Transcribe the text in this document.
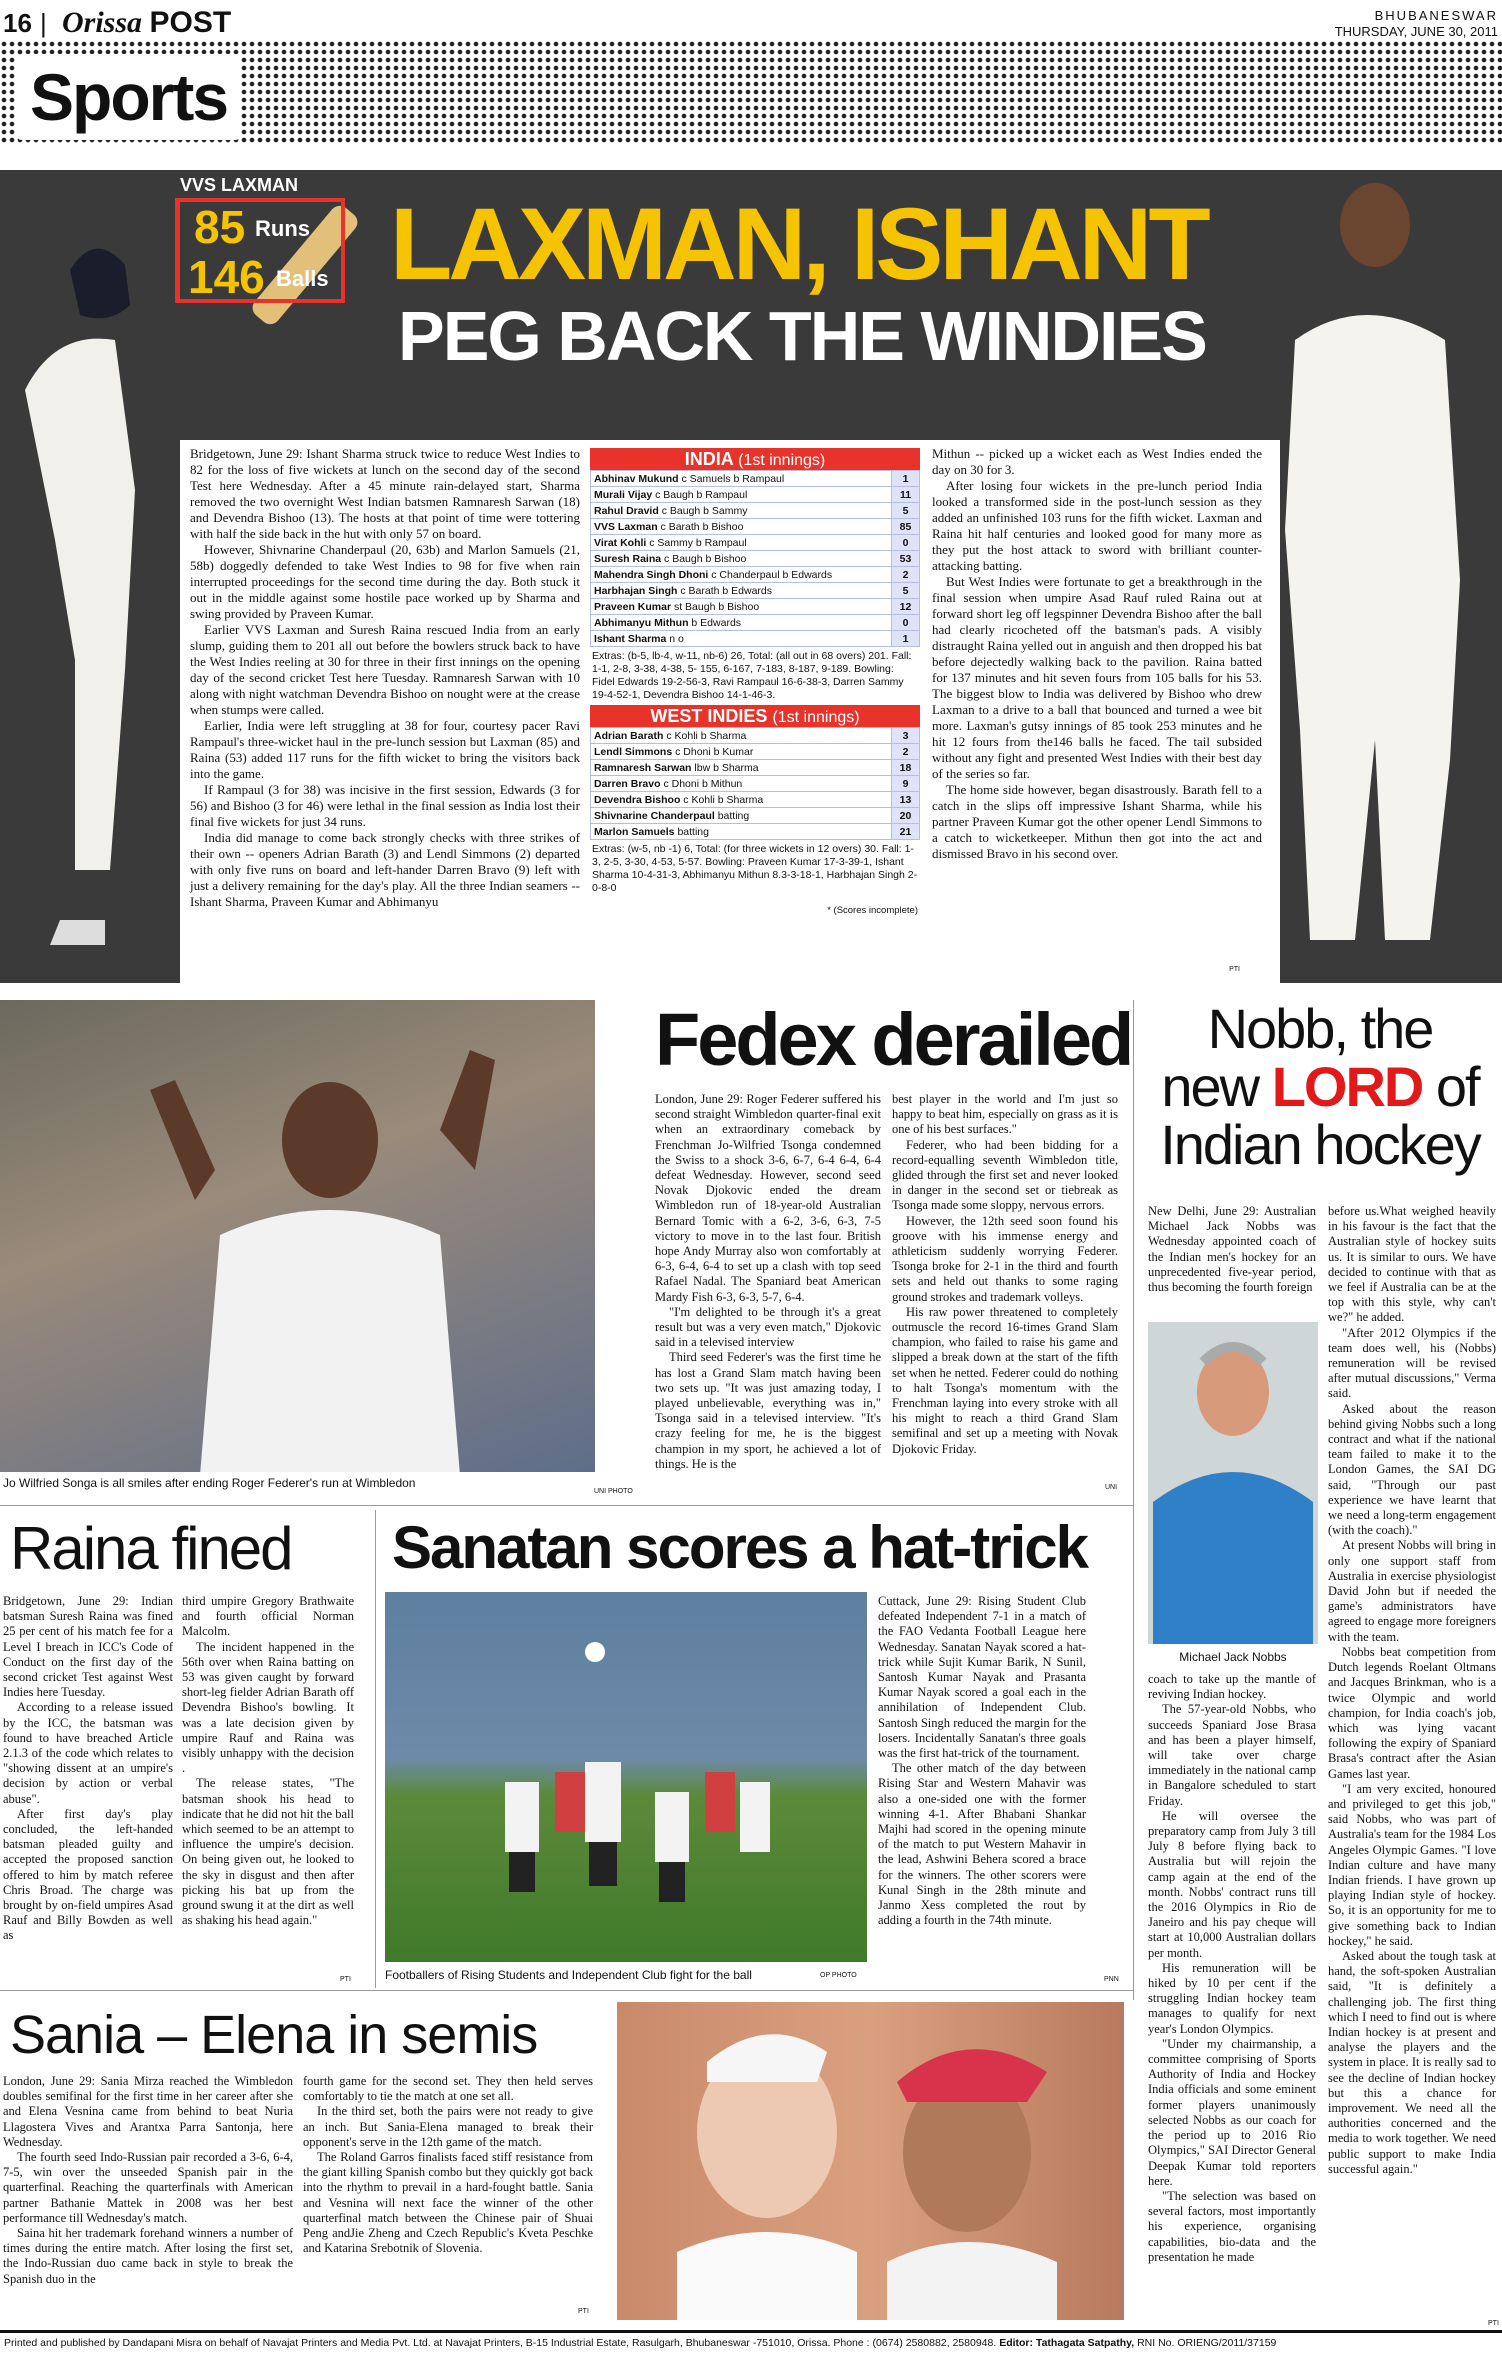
16 | Orissa POST	BHUBANESWAR
THURSDAY, JUNE 30, 2011
Sports
VVS LAXMAN
85 Runs
146 Balls LAXMAN, ISHANT
PEG BACK THE WINDIES

Bridgetown, June 29: Ishant Sharma struck twice to reduce West Indies to 82 for the loss of five wickets at lunch on the second day of the second Test here Wednesday. After a 45 minute rain-delayed start, Sharma removed the two overnight West Indian batsmen Ramnaresh Sarwan (18) and Devendra Bishoo (13). The hosts at that point of time were tottering with half the side back in the hut with only 57 on board.

However, Shivnarine Chanderpaul (20, 63b) and Marlon Samuels (21, 58b) doggedly defended to take West Indies to 98 for five when rain interrupted proceedings for the second time during the day. Both stuck it out in the middle against some hostile pace worked up by Sharma and swing provided by Praveen Kumar.

Earlier VVS Laxman and Suresh Raina rescued India from an early slump, guiding them to 201 all out before the bowlers struck back to have the West Indies reeling at 30 for three in their first innings on the opening day of the second cricket Test here Tuesday. Ramnaresh Sarwan with 10 along with night watchman Devendra Bishoo on nought were at the crease when stumps were called.

Earlier, India were left struggling at 38 for four, courtesy pacer Ravi Rampaul's three-wicket haul in the pre-lunch session but Laxman (85) and Raina (53) added 117 runs for the fifth wicket to bring the visitors back into the game.

If Rampaul (3 for 38) was incisive in the first session, Edwards (3 for 56) and Bishoo (3 for 46) were lethal in the final session as India lost their final five wickets for just 34 runs.

India did manage to come back strongly checks with three strikes of their own -- openers Adrian Barath (3) and Lendl Simmons (2) departed with only five runs on board and left-hander Darren Bravo (9) left with just a delivery remaining for the day's play. All the three Indian seamers -- Ishant Sharma, Praveen Kumar and Abhimanyu

INDIA (1st innings)
Abhinav Mukund c Samuels b Rampaul	1
Murali Vijay c Baugh b Rampaul	11
Rahul Dravid c Baugh b Sammy	5
VVS Laxman c Barath b Bishoo	85
Virat Kohli c Sammy b Rampaul	0
Suresh Raina c Baugh b Bishoo	53
Mahendra Singh Dhoni c Chanderpaul b Edwards	2
Harbhajan Singh c Barath b Edwards	5
Praveen Kumar st Baugh b Bishoo	12
Abhimanyu Mithun b Edwards	0
Ishant Sharma n o	1
Extras: (b-5, lb-4, w-11, nb-6) 26, Total: (all out in 68 overs) 201. Fall: 1-1, 2-8, 3-38, 4-38, 5- 155, 6-167, 7-183, 8-187, 9-189. Bowling: Fidel Edwards 19-2-56-3, Ravi Rampaul 16-6-38-3, Darren Sammy 19-4-52-1, Devendra Bishoo 14-1-46-3.
WEST INDIES (1st innings)
Adrian Barath c Kohli b Sharma	3
Lendl Simmons c Dhoni b Kumar	2
Ramnaresh Sarwan lbw b Sharma	18
Darren Bravo c Dhoni b Mithun	9
Devendra Bishoo c Kohli b Sharma	13
Shivnarine Chanderpaul batting	20
Marlon Samuels batting	21
Extras: (w-5, nb -1) 6, Total: (for three wickets in 12 overs) 30. Fall: 1-3, 2-5, 3-30, 4-53, 5-57. Bowling: Praveen Kumar 17-3-39-1, Ishant Sharma 10-4-31-3, Abhimanyu Mithun 8.3-3-18-1, Harbhajan Singh 2-0-8-0
* (Scores incomplete)

Mithun -- picked up a wicket each as West Indies ended the day on 30 for 3.

After losing four wickets in the pre-lunch period India looked a transformed side in the post-lunch session as they added an unfinished 103 runs for the fifth wicket. Laxman and Raina hit half centuries and looked good for many more as they put the host attack to sword with brilliant counter-attacking batting.

But West Indies were fortunate to get a breakthrough in the final session when umpire Asad Rauf ruled Raina out at forward short leg off legspinner Devendra Bishoo after the ball had clearly ricocheted off the batsman's pads. A visibly distraught Raina yelled out in anguish and then dropped his bat before dejectedly walking back to the pavilion. Raina batted for 137 minutes and hit seven fours from 105 balls for his 53. The biggest blow to India was delivered by Bishoo who drew Laxman to a drive to a ball that bounced and turned a wee bit more. Laxman's gutsy innings of 85 took 253 minutes and he hit 12 fours from the146 balls he faced. The tail subsided without any fight and presented West Indies with their best day of the series so far.

The home side however, began disastrously. Barath fell to a catch in the slips off impressive Ishant Sharma, while his partner Praveen Kumar got the other opener Lendl Simmons to a catch to wicketkeeper. Mithun then got into the act and dismissed Bravo in his second over.

PTI
Jo Wilfried Songa is all smiles after ending Roger Federer's run at Wimbledon
UNI PHOTO
Fedex derailed

London, June 29: Roger Federer suffered his second straight Wimbledon quarter-final exit when an extraordinary comeback by Frenchman Jo-Wilfried Tsonga condemned the Swiss to a shock 3-6, 6-7, 6-4 6-4, 6-4 defeat Wednesday. However, second seed Novak Djokovic ended the dream Wimbledon run of 18-year-old Australian Bernard Tomic with a 6-2, 3-6, 6-3, 7-5 victory to move in to the last four. British hope Andy Murray also won comfortably at 6-3, 6-4, 6-4 to set up a clash with top seed Rafael Nadal. The Spaniard beat American Mardy Fish 6-3, 6-3, 5-7, 6-4.

"I'm delighted to be through it's a great result but was a very even match," Djokovic said in a televised interview

Third seed Federer's was the first time he has lost a Grand Slam match having been two sets up. "It was just amazing today, I played unbelievable, everything was in," Tsonga said in a televised interview. "It's crazy feeling for me, he is the biggest champion in my sport, he achieved a lot of things. He is the

best player in the world and I'm just so happy to beat him, especially on grass as it is one of his best surfaces."

Federer, who had been bidding for a record-equalling seventh Wimbledon title, glided through the first set and never looked in danger in the second set or tiebreak as Tsonga made some sloppy, nervous errors.

However, the 12th seed soon found his groove with his immense energy and athleticism suddenly worrying Federer. Tsonga broke for 2-1 in the third and fourth sets and held out thanks to some raging ground strokes and trademark volleys.

His raw power threatened to completely outmuscle the record 16-times Grand Slam champion, who failed to raise his game and slipped a break down at the start of the fifth set when he netted. Federer could do nothing to halt Tsonga's momentum with the Frenchman laying into every stroke with all his might to reach a third Grand Slam semifinal and set up a meeting with Novak Djokovic Friday.

UNI
Nobb, the
new LORD of
Indian hockey
New Delhi, June 29: Australian Michael Jack Nobbs was Wednesday appointed coach of the Indian men's hockey for an unprecedented five-year period, thus becoming the fourth foreign
Michael Jack Nobbs

coach to take up the mantle of reviving Indian hockey.

The 57-year-old Nobbs, who succeeds Spaniard Jose Brasa and has been a player himself, will take over charge immediately in the national camp in Bangalore scheduled to start Friday.

He will oversee the preparatory camp from July 3 till July 8 before flying back to Australia but will rejoin the camp again at the end of the month. Nobbs' contract runs till the 2016 Olympics in Rio de Janeiro and his pay cheque will start at 10,000 Australian dollars per month.

His remuneration will be hiked by 10 per cent if the struggling Indian hockey team manages to qualify for next year's London Olympics.

"Under my chairmanship, a committee comprising of Sports Authority of India and Hockey India officials and some eminent former players unanimously selected Nobbs as our coach for the period up to 2016 Rio Olympics," SAI Director General Deepak Kumar told reporters here.

"The selection was based on several factors, most importantly his experience, organising capabilities, bio-data and the presentation he made

before us.What weighed heavily in his favour is the fact that the Australian style of hockey suits us. It is similar to ours. We have decided to continue with that as we feel if Australia can be at the top with this style, why can't we?" he added.

"After 2012 Olympics if the team does well, his (Nobbs) remuneration will be revised after mutual discussions," Verma said.

Asked about the reason behind giving Nobbs such a long contract and what if the national team failed to make it to the London Games, the SAI DG said, "Through our past experience we have learnt that we need a long-term engagement (with the coach)."

At present Nobbs will bring in only one support staff from Australia in exercise physiologist David John but if needed the game's administrators have agreed to engage more foreigners with the team.

Nobbs beat competition from Dutch legends Roelant Oltmans and Jacques Brinkman, who is a twice Olympic and world champion, for India coach's job, which was lying vacant following the expiry of Spaniard Brasa's contract after the Asian Games last year.

"I am very excited, honoured and privileged to get this job," said Nobbs, who was part of Australia's team for the 1984 Los Angeles Olympic Games. "I love Indian culture and have many Indian friends. I have grown up playing Indian style of hockey. So, it is an opportunity for me to give something back to Indian hockey," he said.

Asked about the tough task at hand, the soft-spoken Australian said, "It is definitely a challenging job. The first thing which I need to find out is where Indian hockey is at present and analyse the players and the system in place. It is really sad to see the decline of Indian hockey but this a chance for improvement. We need all the authorities concerned and the media to work together. We need public support to make India successful again."

PTI
Raina fined

Bridgetown, June 29: Indian batsman Suresh Raina was fined 25 per cent of his match fee for a Level I breach in ICC's Code of Conduct on the first day of the second cricket Test against West Indies here Tuesday.

According to a release issued by the ICC, the batsman was found to have breached Article 2.1.3 of the code which relates to "showing dissent at an umpire's decision by action or verbal abuse".

After first day's play concluded, the left-handed batsman pleaded guilty and accepted the proposed sanction offered to him by match referee Chris Broad. The charge was brought by on-field umpires Asad Rauf and Billy Bowden as well as

third umpire Gregory Brathwaite and fourth official Norman Malcolm.

The incident happened in the 56th over when Raina batting on 53 was given caught by forward short-leg fielder Adrian Barath off Devendra Bishoo's bowling. It was a late decision given by umpire Rauf and Raina was visibly unhappy with the decision .

The release states, "The batsman shook his head to indicate that he did not hit the ball which seemed to be an attempt to influence the umpire's decision. On being given out, he looked to the sky in disgust and then after picking his bat up from the ground swung it at the dirt as well as shaking his head again."

PTI
Sanatan scores a hat-trick
Footballers of Rising Students and Independent Club fight for the ball	OP PHOTO

Cuttack, June 29: Rising Student Club defeated Independent 7-1 in a match of the FAO Vedanta Football League here Wednesday. Sanatan Nayak scored a hat-trick while Sujit Kumar Barik, N Sunil, Santosh Kumar Nayak and Prasanta Kumar Nayak scored a goal each in the annihilation of Independent Club. Santosh Singh reduced the margin for the losers. Incidentally Sanatan's three goals was the first hat-trick of the tournament.

The other match of the day between Rising Star and Western Mahavir was also a one-sided one with the former winning 4-1. After Bhabani Shankar Majhi had scored in the opening minute of the match to put Western Mahavir in the lead, Ashwini Behera scored a brace for the winners. The other scorers were Kunal Singh in the 28th minute and Janmo Xess completed the rout by adding a fourth in the 74th minute.

PNN
Sania – Elena in semis

London, June 29: Sania Mirza reached the Wimbledon doubles semifinal for the first time in her career after she and Elena Vesnina came from behind to beat Nuria Llagostera Vives and Arantxa Parra Santonja, here Wednesday.

The fourth seed Indo-Russian pair recorded a 3-6, 6-4, 7-5, win over the unseeded Spanish pair in the quarterfinal. Reaching the quarterfinals with American partner Bathanie Mattek in 2008 was her best performance till Wednesday's match.

Saina hit her trademark forehand winners a number of times during the entire match. After losing the first set, the Indo-Russian duo came back in style to break the Spanish duo in the

fourth game for the second set. They then held serves comfortably to tie the match at one set all.

In the third set, both the pairs were not ready to give an inch. But Sania-Elena managed to break their opponent's serve in the 12th game of the match.

The Roland Garros finalists faced stiff resistance from the giant killing Spanish combo but they quickly got back into the rhythm to prevail in a hard-fought battle. Sania and Vesnina will next face the winner of the other quarterfinal match between the Chinese pair of Shuai Peng andJie Zheng and Czech Republic's Kveta Peschke and Katarina Srebotnik of Slovenia.

PTI
Printed and published by Dandapani Misra on behalf of Navajat Printers and Media Pvt. Ltd. at Navajat Printers, B-15 Industrial Estate, Rasulgarh, Bhubaneswar -751010, Orissa. Phone : (0674) 2580882, 2580948. Editor: Tathagata Satpathy, RNI No. ORIENG/2011/37159
